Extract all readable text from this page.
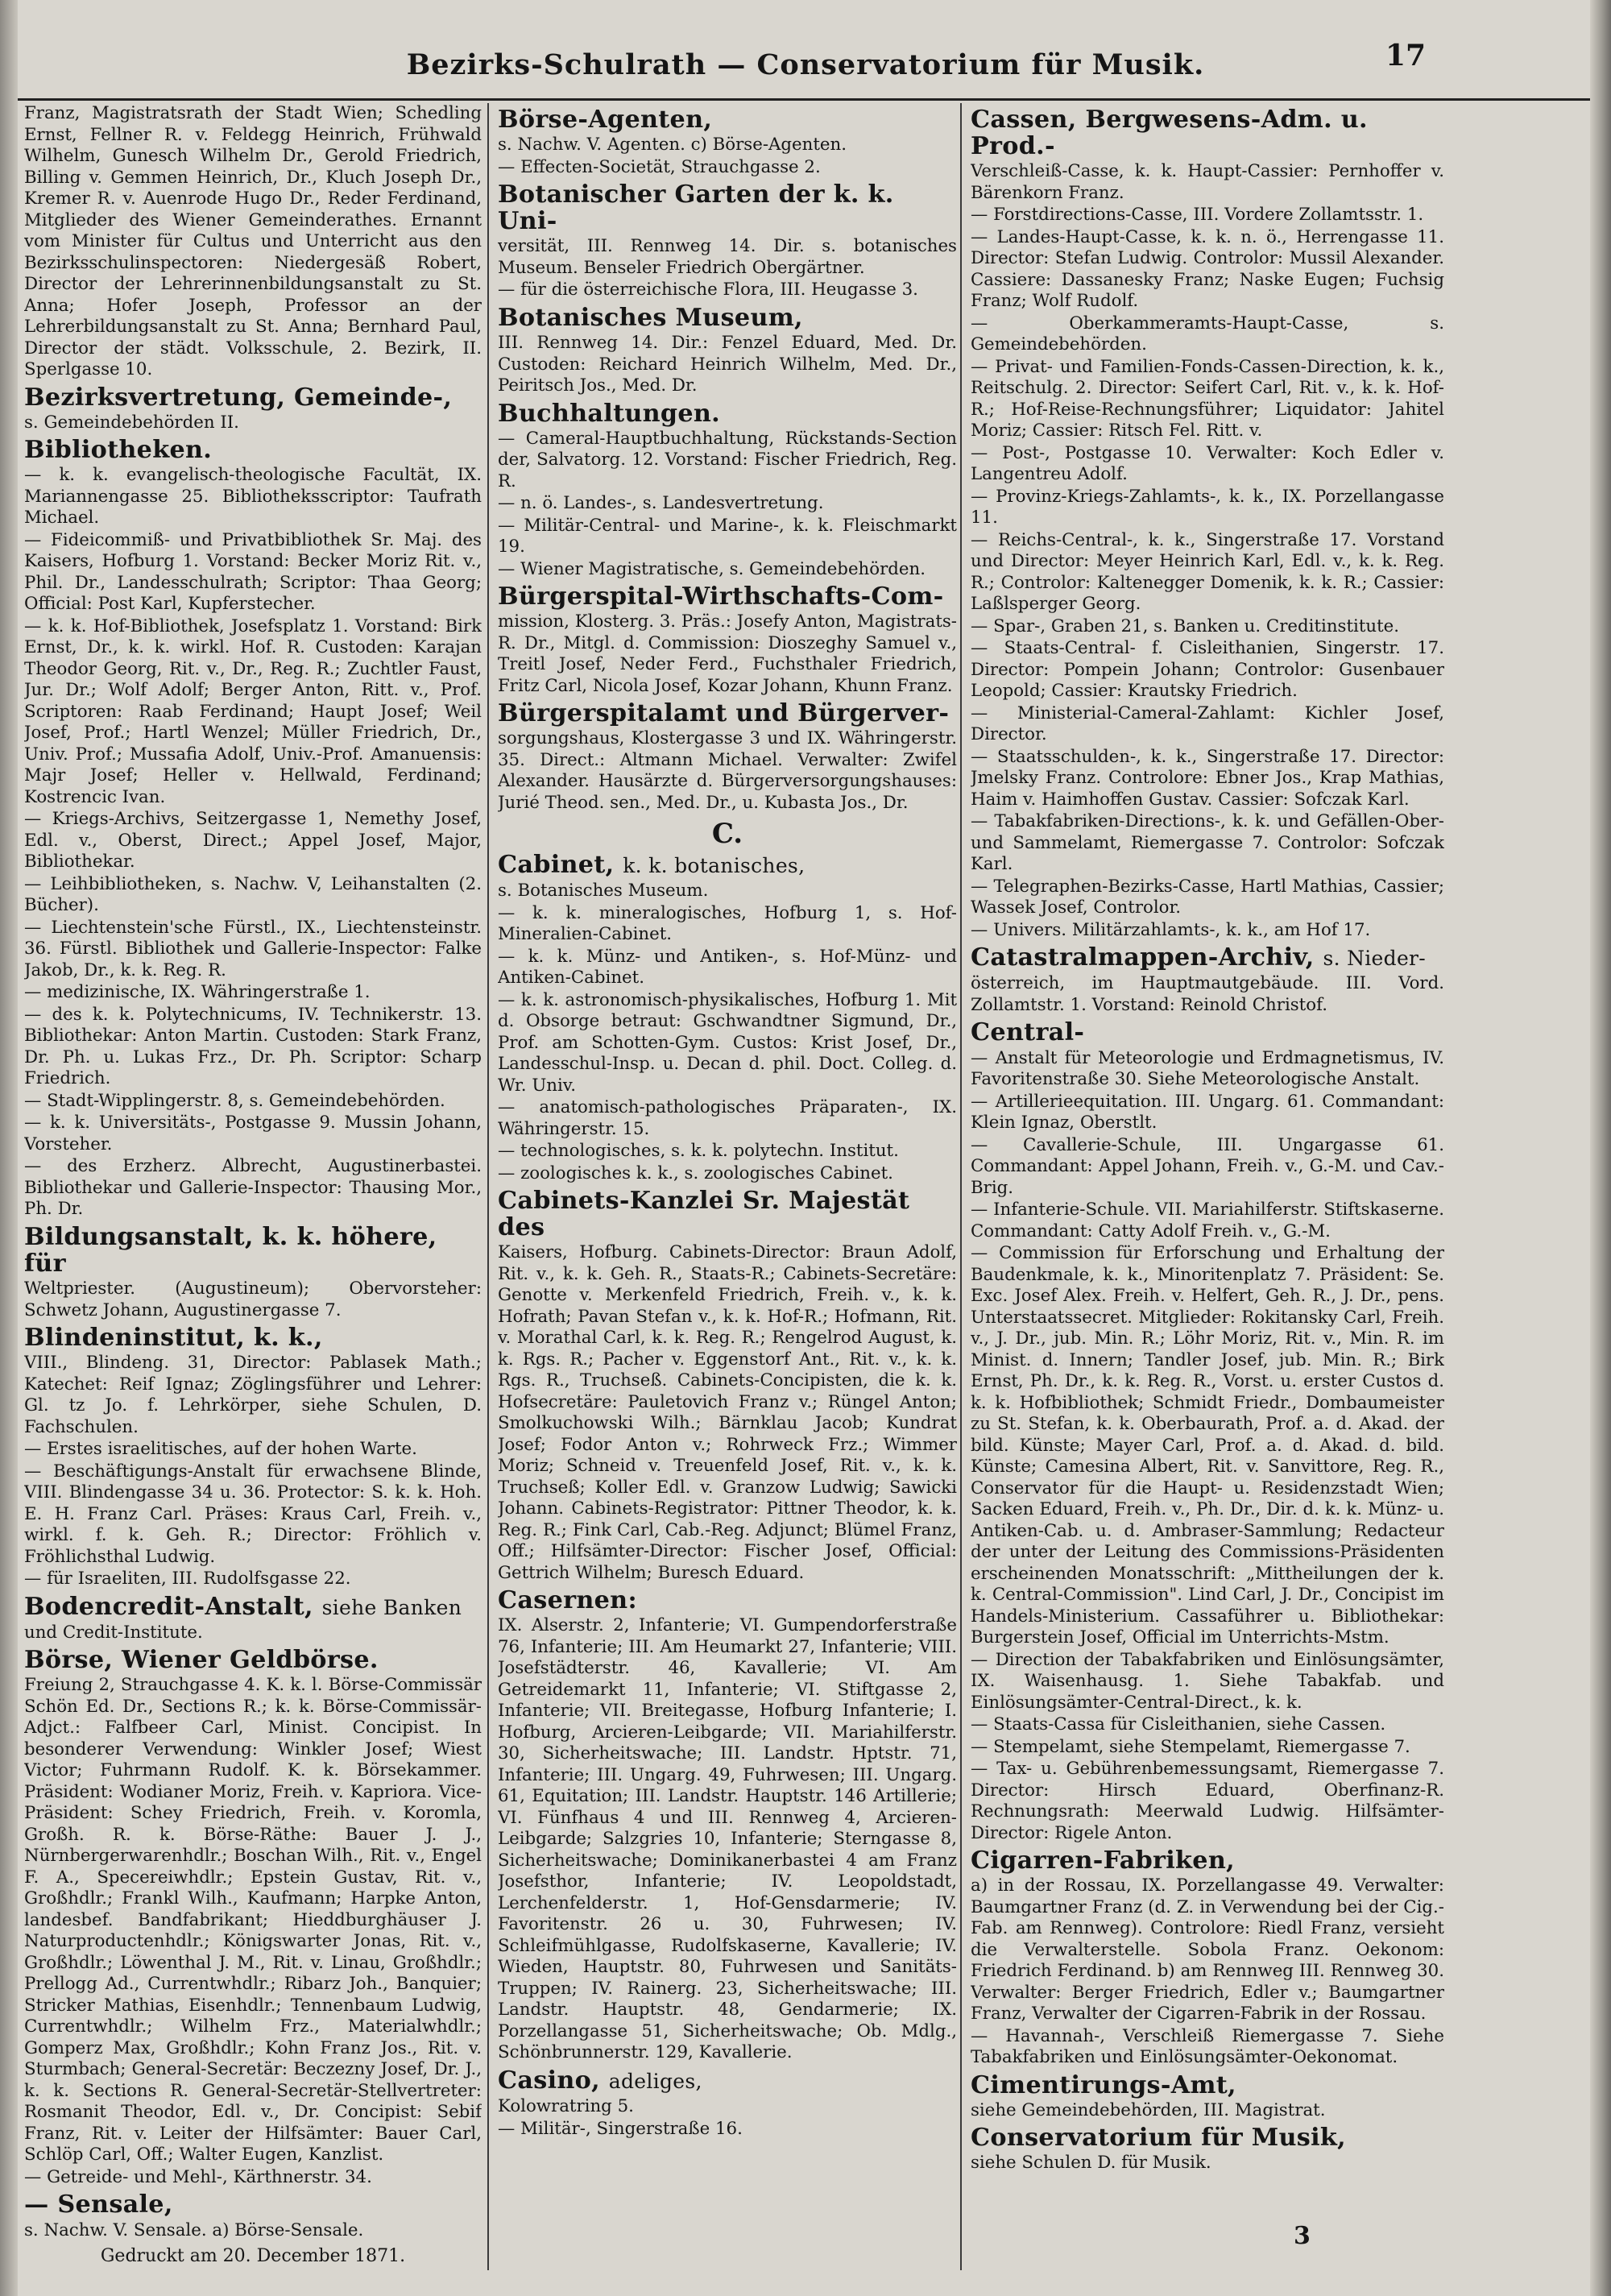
Bezirks-Schulrath — Conservatorium für Musik.	17
Franz, Magistratsrath der Stadt Wien; Schedling Ernst, Fellner R. v. Feldegg Heinrich, Frühwald Wilhelm, Gunesch Wilhelm Dr., Gerold Friedrich, Billing v. Gemmen Heinrich, Dr., Kluch Joseph Dr., Kremer R. v. Auenrode Hugo Dr., Reder Ferdinand, Mitglieder des Wiener Gemeinderathes. Ernannt vom Minister für Cultus und Unterricht aus den Bezirksschulinspectoren: Niedergesäß Robert, Director der Lehrerinnenbildungsanstalt zu St. Anna; Hofer Joseph, Professor an der Lehrerbildungsanstalt zu St. Anna; Bernhard Paul, Director der städt. Volksschule, 2. Bezirk, II. Sperlgasse 10.
Bezirksvertretung, Gemeinde-,
s. Gemeindebehörden II.
Bibliotheken.
— k. k. evangelisch-theologische Facultät, IX. Mariannengasse 25. Bibliotheksscriptor: Taufrath Michael.
— Fideicommiß- und Privatbibliothek Sr. Maj. des Kaisers, Hofburg 1. Vorstand: Becker Moriz Rit. v., Phil. Dr., Landesschulrath; Scriptor: Thaa Georg; Official: Post Karl, Kupferstecher.
— k. k. Hof-Bibliothek, Josefsplatz 1. Vorstand: Birk Ernst, Dr., k. k. wirkl. Hof. R. Custoden: Karajan Theodor Georg, Rit. v., Dr., Reg. R.; Zuchtler Faust, Jur. Dr.; Wolf Adolf; Berger Anton, Ritt. v., Prof. Scriptoren: Raab Ferdinand; Haupt Josef; Weil Josef, Prof.; Hartl Wenzel; Müller Friedrich, Dr., Univ. Prof.; Mussafia Adolf, Univ.-Prof. Amanuensis: Majr Josef; Heller v. Hellwald, Ferdinand; Kostrencic Ivan.
— Kriegs-Archivs, Seitzergasse 1, Nemethy Josef, Edl. v., Oberst, Direct.; Appel Josef, Major, Bibliothekar.
— Leihbibliotheken, s. Nachw. V, Leihanstalten (2. Bücher).
— Liechtenstein'sche Fürstl., IX., Liechtensteinstr. 36. Fürstl. Bibliothek und Gallerie-Inspector: Falke Jakob, Dr., k. k. Reg. R.
— medizinische, IX. Währingerstraße 1.
— des k. k. Polytechnicums, IV. Technikerstr. 13. Bibliothekar: Anton Martin. Custoden: Stark Franz, Dr. Ph. u. Lukas Frz., Dr. Ph. Scriptor: Scharp Friedrich.
— Stadt-Wipplingerstr. 8, s. Gemeindebehörden.
— k. k. Universitäts-, Postgasse 9. Mussin Johann, Vorsteher.
— des Erzherz. Albrecht, Augustinerbastei. Bibliothekar und Gallerie-Inspector: Thausing Mor., Ph. Dr.
Bildungsanstalt, k. k. höhere, für
Weltpriester. (Augustineum); Obervorsteher: Schwetz Johann, Augustinergasse 7.
Blindeninstitut, k. k.,
VIII., Blindeng. 31, Director: Pablasek Math.; Katechet: Reif Ignaz; Zöglingsführer und Lehrer: Gl. tz Jo. f. Lehrkörper, siehe Schulen, D. Fachschulen.
— Erstes israelitisches, auf der hohen Warte.
— Beschäftigungs-Anstalt für erwachsene Blinde, VIII. Blindengasse 34 u. 36. Protector: S. k. k. Hoh. E. H. Franz Carl. Präses: Kraus Carl, Freih. v., wirkl. f. k. Geh. R.; Director: Fröhlich v. Fröhlichsthal Ludwig.
— für Israeliten, III. Rudolfsgasse 22.
Bodencredit-Anstalt, siehe Banken
und Credit-Institute.
Börse, Wiener Geldbörse.
Freiung 2, Strauchgasse 4. K. k. l. Börse-Commissär Schön Ed. Dr., Sections R.; k. k. Börse-Commissär-Adjct.: Falfbeer Carl, Minist. Concipist. In besonderer Verwendung: Winkler Josef; Wiest Victor; Fuhrmann Rudolf. K. k. Börsekammer. Präsident: Wodianer Moriz, Freih. v. Kapriora. Vice-Präsident: Schey Friedrich, Freih. v. Koromla, Großh. R. k. Börse-Räthe: Bauer J. J., Nürnbergerwarenhdlr.; Boschan Wilh., Rit. v., Engel F. A., Specereiwhdlr.; Epstein Gustav, Rit. v., Großhdlr.; Frankl Wilh., Kaufmann; Harpke Anton, landesbef. Bandfabrikant; Hieddburghäuser J. Naturproductenhdlr.; Königswarter Jonas, Rit. v., Großhdlr.; Löwenthal J. M., Rit. v. Linau, Großhdlr.; Prellogg Ad., Currentwhdlr.; Ribarz Joh., Banquier; Stricker Mathias, Eisenhdlr.; Tennenbaum Ludwig, Currentwhdlr.; Wilhelm Frz., Materialwhdlr.; Gomperz Max, Großhdlr.; Kohn Franz Jos., Rit. v. Sturmbach; General-Secretär: Beczezny Josef, Dr. J., k. k. Sections R. General-Secretär-Stellvertreter: Rosmanit Theodor, Edl. v., Dr. Concipist: Sebif Franz, Rit. v. Leiter der Hilfsämter: Bauer Carl, Schlöp Carl, Off.; Walter Eugen, Kanzlist.
— Getreide- und Mehl-, Kärthnerstr. 34.
— Sensale,
s. Nachw. V. Sensale. a) Börse-Sensale.
Gedruckt am 20. December 1871.
Börse-Agenten,
s. Nachw. V. Agenten. c) Börse-Agenten.
— Effecten-Societät, Strauchgasse 2.
Botanischer Garten der k. k. Uni-
versität, III. Rennweg 14. Dir. s. botanisches Museum. Benseler Friedrich Obergärtner.
— für die österreichische Flora, III. Heugasse 3.
Botanisches Museum,
III. Rennweg 14. Dir.: Fenzel Eduard, Med. Dr. Custoden: Reichard Heinrich Wilhelm, Med. Dr., Peiritsch Jos., Med. Dr.
Buchhaltungen.
— Cameral-Hauptbuchhaltung, Rückstands-Section der, Salvatorg. 12. Vorstand: Fischer Friedrich, Reg. R.
— n. ö. Landes-, s. Landesvertretung.
— Militär-Central- und Marine-, k. k. Fleischmarkt 19.
— Wiener Magistratische, s. Gemeindebehörden.
Bürgerspital-Wirthschafts-Com-
mission, Klosterg. 3. Präs.: Josefy Anton, Magistrats-R. Dr., Mitgl. d. Commission: Dioszeghy Samuel v., Treitl Josef, Neder Ferd., Fuchsthaler Friedrich, Fritz Carl, Nicola Josef, Kozar Johann, Khunn Franz.
Bürgerspitalamt und Bürgerver-
sorgungshaus, Klostergasse 3 und IX. Währingerstr. 35. Direct.: Altmann Michael. Verwalter: Zwifel Alexander. Hausärzte d. Bürgerversorgungshauses: Jurié Theod. sen., Med. Dr., u. Kubasta Jos., Dr.
C.
Cabinet, k. k. botanisches,
s. Botanisches Museum.
— k. k. mineralogisches, Hofburg 1, s. Hof-Mineralien-Cabinet.
— k. k. Münz- und Antiken-, s. Hof-Münz- und Antiken-Cabinet.
— k. k. astronomisch-physikalisches, Hofburg 1. Mit d. Obsorge betraut: Gschwandtner Sigmund, Dr., Prof. am Schotten-Gym. Custos: Krist Josef, Dr., Landesschul-Insp. u. Decan d. phil. Doct. Colleg. d. Wr. Univ.
— anatomisch-pathologisches Präparaten-, IX. Währingerstr. 15.
— technologisches, s. k. k. polytechn. Institut.
— zoologisches k. k., s. zoologisches Cabinet.
Cabinets-Kanzlei Sr. Majestät des
Kaisers, Hofburg. Cabinets-Director: Braun Adolf, Rit. v., k. k. Geh. R., Staats-R.; Cabinets-Secretäre: Genotte v. Merkenfeld Friedrich, Freih. v., k. k. Hofrath; Pavan Stefan v., k. k. Hof-R.; Hofmann, Rit. v. Morathal Carl, k. k. Reg. R.; Rengelrod August, k. k. Rgs. R.; Pacher v. Eggenstorf Ant., Rit. v., k. k. Rgs. R., Truchseß. Cabinets-Concipisten, die k. k. Hofsecretäre: Pauletovich Franz v.; Rüngel Anton; Smolkuchowski Wilh.; Bärnklau Jacob; Kundrat Josef; Fodor Anton v.; Rohrweck Frz.; Wimmer Moriz; Schneid v. Treuenfeld Josef, Rit. v., k. k. Truchseß; Koller Edl. v. Granzow Ludwig; Sawicki Johann. Cabinets-Registrator: Pittner Theodor, k. k. Reg. R.; Fink Carl, Cab.-Reg. Adjunct; Blümel Franz, Off.; Hilfsämter-Director: Fischer Josef, Official: Gettrich Wilhelm; Buresch Eduard.
Casernen:
IX. Alserstr. 2, Infanterie; VI. Gumpendorferstraße 76, Infanterie; III. Am Heumarkt 27, Infanterie; VIII. Josefstädterstr. 46, Kavallerie; VI. Am Getreidemarkt 11, Infanterie; VI. Stiftgasse 2, Infanterie; VII. Breitegasse, Hofburg Infanterie; I. Hofburg, Arcieren-Leibgarde; VII. Mariahilferstr. 30, Sicherheitswache; III. Landstr. Hptstr. 71, Infanterie; III. Ungarg. 49, Fuhrwesen; III. Ungarg. 61, Equitation; III. Landstr. Hauptstr. 146 Artillerie; VI. Fünfhaus 4 und III. Rennweg 4, Arcieren-Leibgarde; Salzgries 10, Infanterie; Sterngasse 8, Sicherheitswache; Dominikanerbastei 4 am Franz Josefsthor, Infanterie; IV. Leopoldstadt, Lerchenfelderstr. 1, Hof-Gensdarmerie; IV. Favoritenstr. 26 u. 30, Fuhrwesen; IV. Schleifmühlgasse, Rudolfskaserne, Kavallerie; IV. Wieden, Hauptstr. 80, Fuhrwesen und Sanitäts-Truppen; IV. Rainerg. 23, Sicherheitswache; III. Landstr. Hauptstr. 48, Gendarmerie; IX. Porzellangasse 51, Sicherheitswache; Ob. Mdlg., Schönbrunnerstr. 129, Kavallerie.
Casino, adeliges,
Kolowratring 5.
— Militär-, Singerstraße 16.
Cassen, Bergwesens-Adm. u. Prod.-
Verschleiß-Casse, k. k. Haupt-Cassier: Pernhoffer v. Bärenkorn Franz.
— Forstdirections-Casse, III. Vordere Zollamtsstr. 1.
— Landes-Haupt-Casse, k. k. n. ö., Herrengasse 11. Director: Stefan Ludwig. Controlor: Mussil Alexander. Cassiere: Dassanesky Franz; Naske Eugen; Fuchsig Franz; Wolf Rudolf.
— Oberkammeramts-Haupt-Casse, s. Gemeindebehörden.
— Privat- und Familien-Fonds-Cassen-Direction, k. k., Reitschulg. 2. Director: Seifert Carl, Rit. v., k. k. Hof-R.; Hof-Reise-Rechnungsführer; Liquidator: Jahitel Moriz; Cassier: Ritsch Fel. Ritt. v.
— Post-, Postgasse 10. Verwalter: Koch Edler v. Langentreu Adolf.
— Provinz-Kriegs-Zahlamts-, k. k., IX. Porzellangasse 11.
— Reichs-Central-, k. k., Singerstraße 17. Vorstand und Director: Meyer Heinrich Karl, Edl. v., k. k. Reg. R.; Controlor: Kaltenegger Domenik, k. k. R.; Cassier: Laßlsperger Georg.
— Spar-, Graben 21, s. Banken u. Creditinstitute.
— Staats-Central- f. Cisleithanien, Singerstr. 17. Director: Pompein Johann; Controlor: Gusenbauer Leopold; Cassier: Krautsky Friedrich.
— Ministerial-Cameral-Zahlamt: Kichler Josef, Director.
— Staatsschulden-, k. k., Singerstraße 17. Director: Jmelsky Franz. Controlore: Ebner Jos., Krap Mathias, Haim v. Haimhoffen Gustav. Cassier: Sofczak Karl.
— Tabakfabriken-Directions-, k. k. und Gefällen-Ober- und Sammelamt, Riemergasse 7. Controlor: Sofczak Karl.
— Telegraphen-Bezirks-Casse, Hartl Mathias, Cassier; Wassek Josef, Controlor.
— Univers. Militärzahlamts-, k. k., am Hof 17.
Catastralmappen-Archiv, s. Nieder-
österreich, im Hauptmautgebäude. III. Vord. Zollamtstr. 1. Vorstand: Reinold Christof.
Central-
— Anstalt für Meteorologie und Erdmagnetismus, IV. Favoritenstraße 30. Siehe Meteorologische Anstalt.
— Artillerieequitation. III. Ungarg. 61. Commandant: Klein Ignaz, Oberstlt.
— Cavallerie-Schule, III. Ungargasse 61. Commandant: Appel Johann, Freih. v., G.-M. und Cav.-Brig.
— Infanterie-Schule. VII. Mariahilferstr. Stiftskaserne. Commandant: Catty Adolf Freih. v., G.-M.
— Commission für Erforschung und Erhaltung der Baudenkmale, k. k., Minoritenplatz 7. Präsident: Se. Exc. Josef Alex. Freih. v. Helfert, Geh. R., J. Dr., pens. Unterstaatssecret. Mitglieder: Rokitansky Carl, Freih. v., J. Dr., jub. Min. R.; Löhr Moriz, Rit. v., Min. R. im Minist. d. Innern; Tandler Josef, jub. Min. R.; Birk Ernst, Ph. Dr., k. k. Reg. R., Vorst. u. erster Custos d. k. k. Hofbibliothek; Schmidt Friedr., Dombaumeister zu St. Stefan, k. k. Oberbaurath, Prof. a. d. Akad. der bild. Künste; Mayer Carl, Prof. a. d. Akad. d. bild. Künste; Camesina Albert, Rit. v. Sanvittore, Reg. R., Conservator für die Haupt- u. Residenzstadt Wien; Sacken Eduard, Freih. v., Ph. Dr., Dir. d. k. k. Münz- u. Antiken-Cab. u. d. Ambraser-Sammlung; Redacteur der unter der Leitung des Commissions-Präsidenten erscheinenden Monatsschrift: „Mittheilungen der k. k. Central-Commission". Lind Carl, J. Dr., Concipist im Handels-Ministerium. Cassaführer u. Bibliothekar: Burgerstein Josef, Official im Unterrichts-Mstm.
— Direction der Tabakfabriken und Einlösungsämter, IX. Waisenhausg. 1. Siehe Tabakfab. und Einlösungsämter-Central-Direct., k. k.
— Staats-Cassa für Cisleithanien, siehe Cassen.
— Stempelamt, siehe Stempelamt, Riemergasse 7.
— Tax- u. Gebührenbemessungsamt, Riemergasse 7. Director: Hirsch Eduard, Oberfinanz-R. Rechnungsrath: Meerwald Ludwig. Hilfsämter-Director: Rigele Anton.
Cigarren-Fabriken,
a) in der Rossau, IX. Porzellangasse 49. Verwalter: Baumgartner Franz (d. Z. in Verwendung bei der Cig.-Fab. am Rennweg). Controlore: Riedl Franz, versieht die Verwalterstelle. Sobola Franz. Oekonom: Friedrich Ferdinand. b) am Rennweg III. Rennweg 30. Verwalter: Berger Friedrich, Edler v.; Baumgartner Franz, Verwalter der Cigarren-Fabrik in der Rossau.
— Havannah-, Verschleiß Riemergasse 7. Siehe Tabakfabriken und Einlösungsämter-Oekonomat.
Cimentirungs-Amt,
siehe Gemeindebehörden, III. Magistrat.
Conservatorium für Musik,
siehe Schulen D. für Musik.
3
